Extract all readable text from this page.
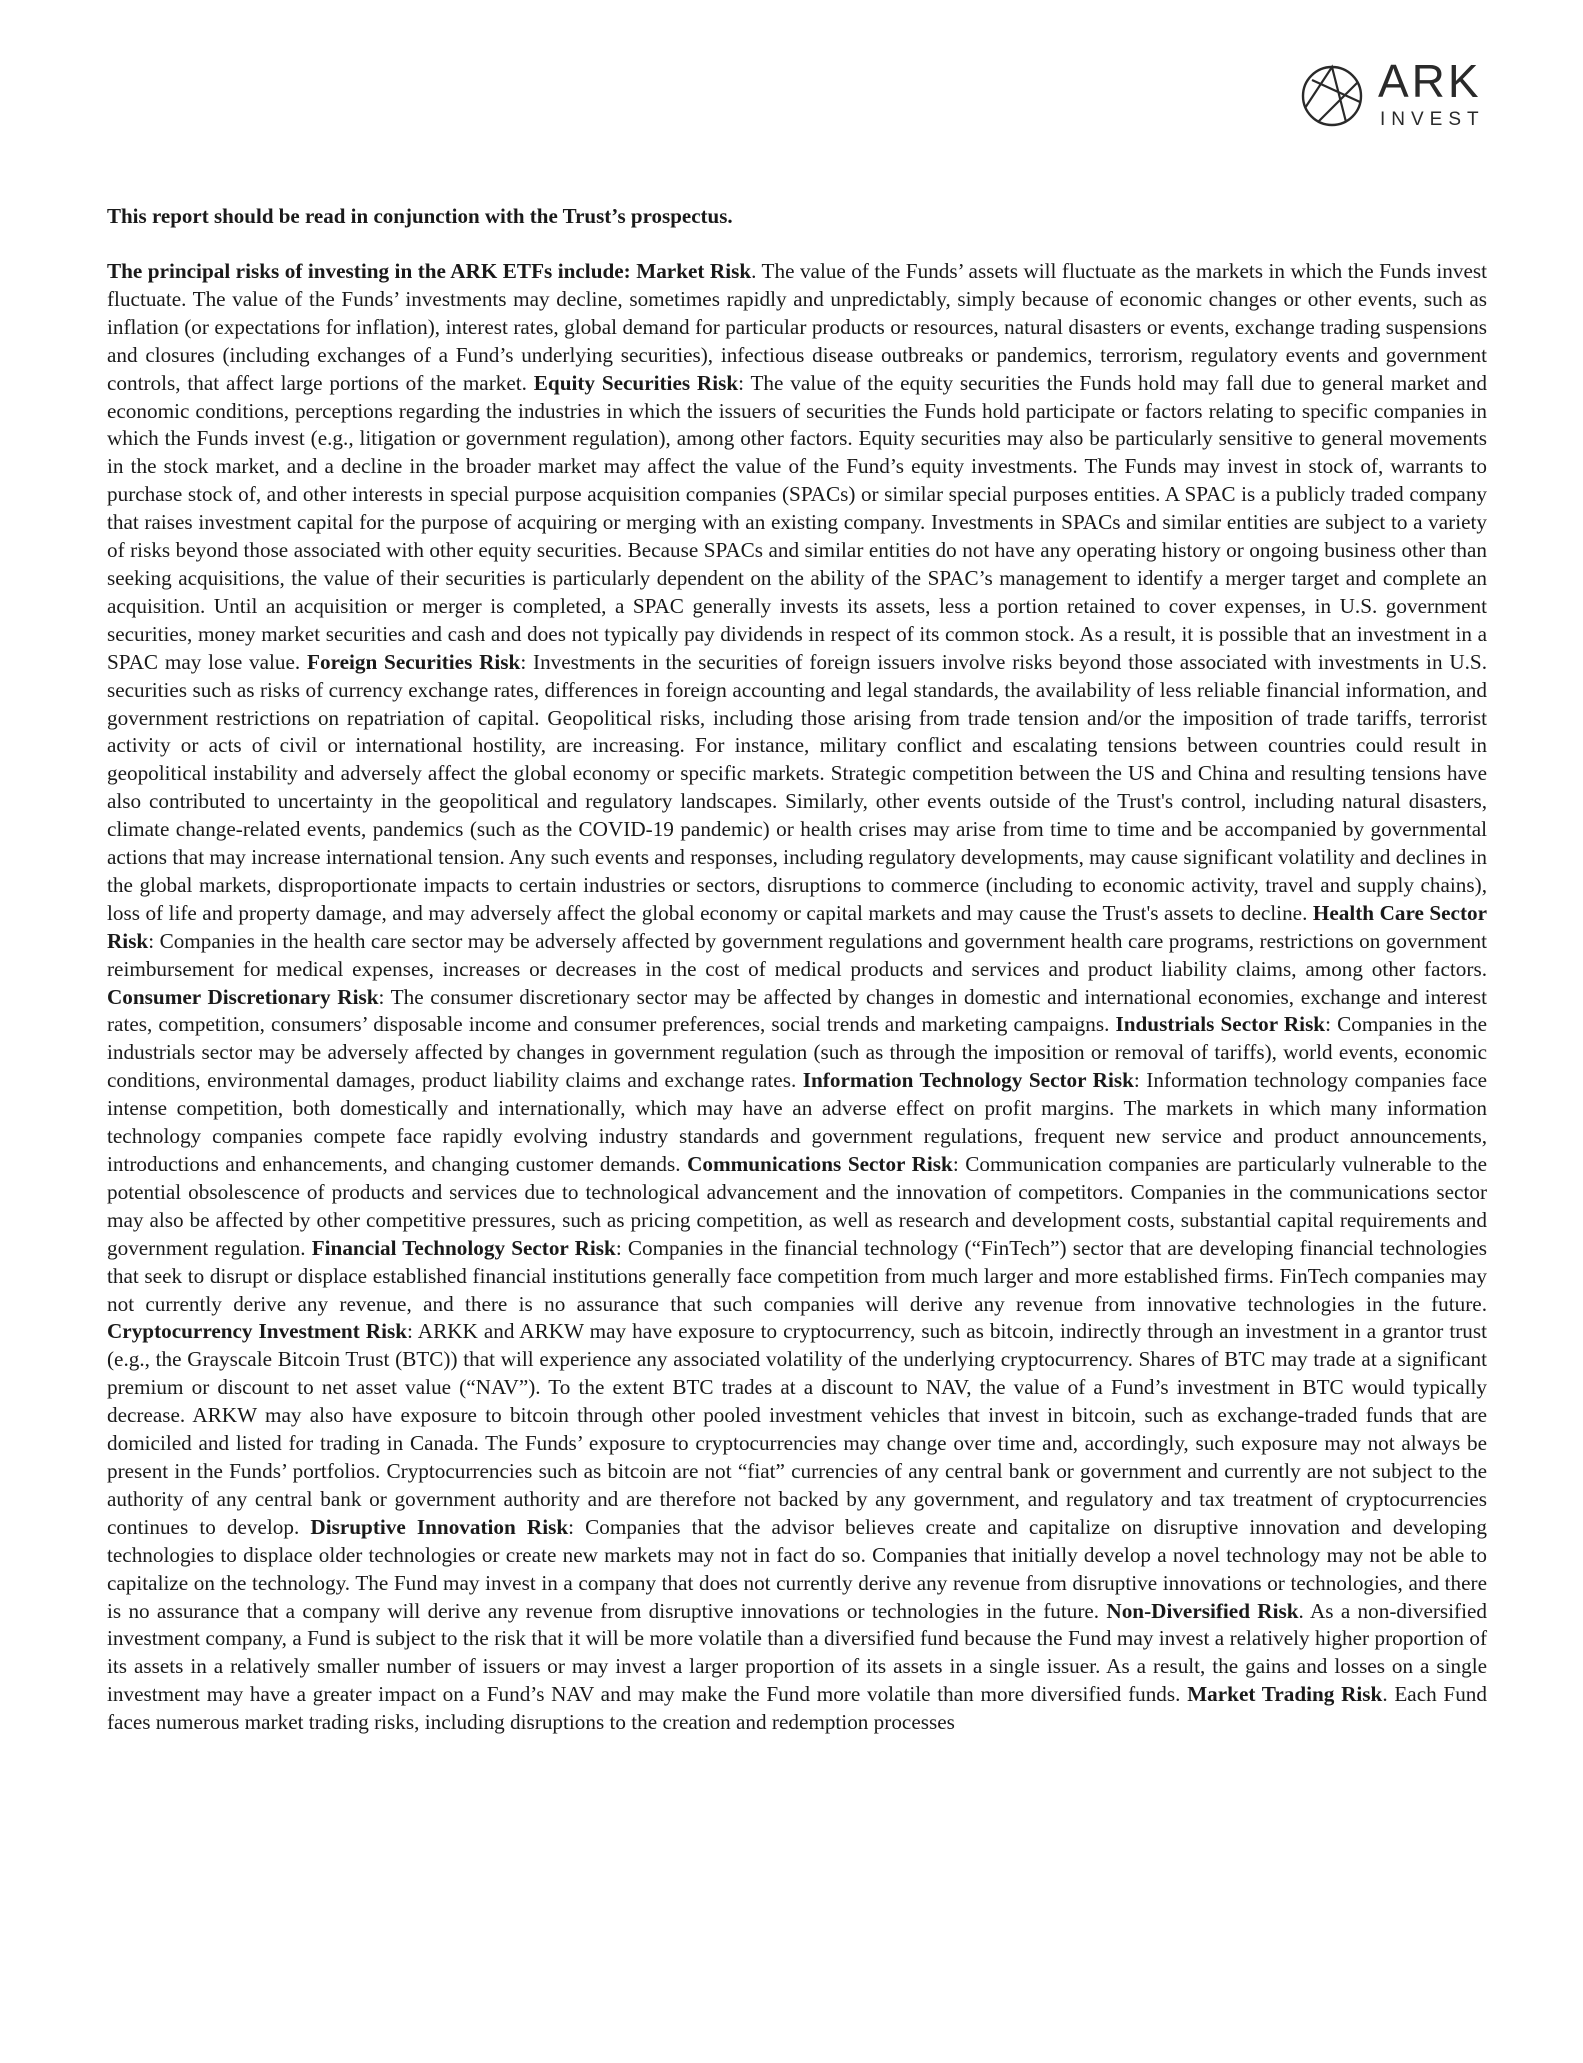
ARK
INVEST

This report should be read in conjunction with the Trust’s prospectus.

The principal risks of investing in the ARK ETFs include: Market Risk. The value of the Funds’ assets will fluctuate as the markets in which the Funds invest fluctuate. The value of the Funds’ investments may decline, sometimes rapidly and unpredictably, simply because of economic changes or other events, such as inflation (or expectations for inflation), interest rates, global demand for particular products or resources, natural disasters or events, exchange trading suspensions and closures (including exchanges of a Fund’s underlying securities), infectious disease outbreaks or pandemics, terrorism, regulatory events and government controls, that affect large portions of the market. Equity Securities Risk: The value of the equity securities the Funds hold may fall due to general market and economic conditions, perceptions regarding the industries in which the issuers of securities the Funds hold participate or factors relating to specific companies in which the Funds invest (e.g., litigation or government regulation), among other factors. Equity securities may also be particularly sensitive to general movements in the stock market, and a decline in the broader market may affect the value of the Fund’s equity investments. The Funds may invest in stock of, warrants to purchase stock of, and other interests in special purpose acquisition companies (SPACs) or similar special purposes entities. A SPAC is a publicly traded company that raises investment capital for the purpose of acquiring or merging with an existing company. Investments in SPACs and similar entities are subject to a variety of risks beyond those associated with other equity securities. Because SPACs and similar entities do not have any operating history or ongoing business other than seeking acquisitions, the value of their securities is particularly dependent on the ability of the SPAC’s management to identify a merger target and complete an acquisition. Until an acquisition or merger is completed, a SPAC generally invests its assets, less a portion retained to cover expenses, in U.S. government securities, money market securities and cash and does not typically pay dividends in respect of its common stock. As a result, it is possible that an investment in a SPAC may lose value. Foreign Securities Risk: Investments in the securities of foreign issuers involve risks beyond those associated with investments in U.S. securities such as risks of currency exchange rates, differences in foreign accounting and legal standards, the availability of less reliable financial information, and government restrictions on repatriation of capital. Geopolitical risks, including those arising from trade tension and/or the imposition of trade tariffs, terrorist activity or acts of civil or international hostility, are increasing. For instance, military conflict and escalating tensions between countries could result in geopolitical instability and adversely affect the global economy or specific markets. Strategic competition between the US and China and resulting tensions have also contributed to uncertainty in the geopolitical and regulatory landscapes. Similarly, other events outside of the Trust's control, including natural disasters, climate change-related events, pandemics (such as the COVID-19 pandemic) or health crises may arise from time to time and be accompanied by governmental actions that may increase international tension. Any such events and responses, including regulatory developments, may cause significant volatility and declines in the global markets, disproportionate impacts to certain industries or sectors, disruptions to commerce (including to economic activity, travel and supply chains), loss of life and property damage, and may adversely affect the global economy or capital markets and may cause the Trust's assets to decline. Health Care Sector Risk: Companies in the health care sector may be adversely affected by government regulations and government health care programs, restrictions on government reimbursement for medical expenses, increases or decreases in the cost of medical products and services and product liability claims, among other factors. Consumer Discretionary Risk: The consumer discretionary sector may be affected by changes in domestic and international economies, exchange and interest rates, competition, consumers’ disposable income and consumer preferences, social trends and marketing campaigns. Industrials Sector Risk: Companies in the industrials sector may be adversely affected by changes in government regulation (such as through the imposition or removal of tariffs), world events, economic conditions, environmental damages, product liability claims and exchange rates. Information Technology Sector Risk: Information technology companies face intense competition, both domestically and internationally, which may have an adverse effect on profit margins. The markets in which many information technology companies compete face rapidly evolving industry standards and government regulations, frequent new service and product announcements, introductions and enhancements, and changing customer demands. Communications Sector Risk: Communication companies are particularly vulnerable to the potential obsolescence of products and services due to technological advancement and the innovation of competitors. Companies in the communications sector may also be affected by other competitive pressures, such as pricing competition, as well as research and development costs, substantial capital requirements and government regulation. Financial Technology Sector Risk: Companies in the financial technology (“FinTech”) sector that are developing financial technologies that seek to disrupt or displace established financial institutions generally face competition from much larger and more established firms. FinTech companies may not currently derive any revenue, and there is no assurance that such companies will derive any revenue from innovative technologies in the future. Cryptocurrency Investment Risk: ARKK and ARKW may have exposure to cryptocurrency, such as bitcoin, indirectly through an investment in a grantor trust (e.g., the Grayscale Bitcoin Trust (BTC)) that will experience any associated volatility of the underlying cryptocurrency. Shares of BTC may trade at a significant premium or discount to net asset value (“NAV”). To the extent BTC trades at a discount to NAV, the value of a Fund’s investment in BTC would typically decrease. ARKW may also have exposure to bitcoin through other pooled investment vehicles that invest in bitcoin, such as exchange-traded funds that are domiciled and listed for trading in Canada. The Funds’ exposure to cryptocurrencies may change over time and, accordingly, such exposure may not always be present in the Funds’ portfolios. Cryptocurrencies such as bitcoin are not “fiat” currencies of any central bank or government and currently are not subject to the authority of any central bank or government authority and are therefore not backed by any government, and regulatory and tax treatment of cryptocurrencies continues to develop. Disruptive Innovation Risk: Companies that the advisor believes create and capitalize on disruptive innovation and developing technologies to displace older technologies or create new markets may not in fact do so. Companies that initially develop a novel technology may not be able to capitalize on the technology. The Fund may invest in a company that does not currently derive any revenue from disruptive innovations or technologies, and there is no assurance that a company will derive any revenue from disruptive innovations or technologies in the future. Non-Diversified Risk. As a non-diversified investment company, a Fund is subject to the risk that it will be more volatile than a diversified fund because the Fund may invest a relatively higher proportion of its assets in a relatively smaller number of issuers or may invest a larger proportion of its assets in a single issuer. As a result, the gains and losses on a single investment may have a greater impact on a Fund’s NAV and may make the Fund more volatile than more diversified funds. Market Trading Risk. Each Fund faces numerous market trading risks, including disruptions to the creation and redemption processes
